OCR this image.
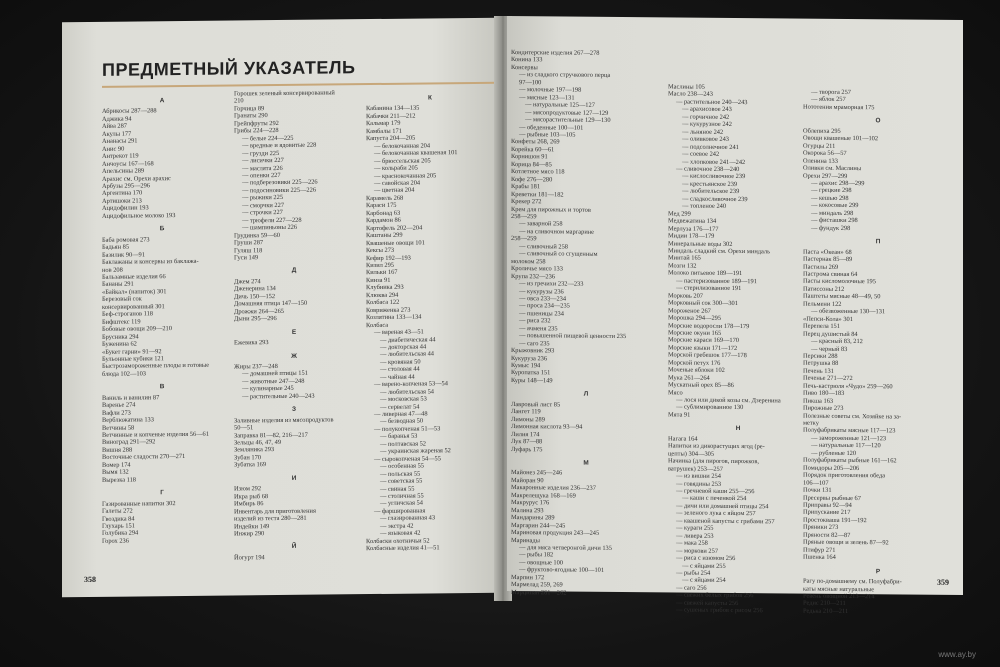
ПРЕДМЕТНЫЙ УКАЗАТЕЛЬ
А
Абрикосы 287—288
Аджика 94
Айва 287
Акулы 177
Ананасы 291
Анис 90
Антрекот 119
Анчоусы 167—168
Апельсины 289
Арахис см. Орехи арахис
Арбузы 295—296
Аргентина 170
Артишоки 213
Ацидофилин 193
Ацидофильное молоко 193
Б
Баба ромовая 273
Бадьян 85
Базилик 90—91
Баклажаны и консервы из баклажа-
нов 208
Бальзамные изделия 66
Бананы 291
«Байкал» (напиток) 301
Березовый сок
консервированный 301
Беф-строганов 118
Бифштекс 119
Бобовые овощи 209—210
Брусника 294
Буженина 62
«Букет гарни» 91—92
Бульонные кубики 121
Быстрозамороженные плоды и готовые
блюда 102—103
В
Ваниль и ванилин 87
Варенье 274
Вафли 273
Верблюжатина 133
Ветчины 58
Ветчинные и копченые изделия 56—61
Виноград 291—292
Вишня 288
Восточные сладости 270—271
Вомер 174
Вымя 132
Вырезка 118
Г
Газированные напитки 302
Галеты 272
Гвоздика 84
Глухарь 151
Голубика 294
Горох 236
Горошек зеленый консервированный
210
Горчица 89
Гранаты 290
Грейпфруты 292
Грибы 224—228
— белые 224—225
— вредные и ядовитые 228
— грузди 225
— лисички 227
— маслята 226
— опенки 227
— подберезовики 225—226
— подосиновики 225—226
— рыжики 225
— сморчки 227
— строчки 227
— трюфели 227—228
— шампиньоны 226
Грудинка 59—60
Груши 287
Гуляш 118
Гуси 149
Д
Джем 274
Дженерина 134
Дичь 150—152
Домашняя птица 147—150
Дрожжи 264—265
Дыни 295—296
Е
Ежевика 293
Ж
Жиры 237—248
— домашней птицы 151
— животные 247—248
— кулинарные 245
— растительные 240—243
З
Заливные изделия из мясопродуктов
50—51
Заправка 81—82, 216—217
Зельцы 46, 47, 49
Земляника 293
Зубан 170
Зубатка 169
И
Изюм 292
Икра рыб 68
Имбирь 86
Инвентарь для приготовления
изделий из теста 280—281
Индейки 149
Инжир 290
Й
Йогурт 194
К
Кабанина 134—135
Кабачки 211—212
Кальмар 179
Камбалы 171
Капуста 204—205
— белокочанная 204
— белокочанная квашеная 101
— брюссельская 205
— кольраби 205
— краснокочанная 205
— савойская 204
— цветная 204
Карамель 268
Караси 175
Карбонад 63
Кардамон 86
Картофель 202—204
Каштаны 299
Квашеные овощи 101
Кексы 273
Кефир 192—193
Кизил 295
Кильки 167
Кинза 91
Клубника 293
Клюква 294
Колбаса 122
Ковриженка 273
Козлятина 133—134
Колбаса
— вареная 43—51
— диабетическая 44
— докторская 44
— любительская 44
— кровяная 50
— столовая 44
— чайная 44
— варено-копченая 53—54
— любительская 54
— московская 53
— сервелат 54
— ливерная 47—48
— безводная 50
— полукопченая 51—53
— баранья 53
— полтавская 52
— украинская жареная 52
— сырокопченая 54—55
— особенная 55
— польская 55
— советская 55
— свиная 55
— столичная 55
— угличская 54
— фаршированная
— глазированная 43
— экстра 42
— языковая 42
Колбаски охотничьи 52
Колбасные изделия 41—51
358
Кондитерские изделия 267—278
Конина 133
Консервы
— из сладкого стручкового перца
97—100
— молочные 197—198
— мясные 123—131
— натуральные 125—127
— мясопродуктовые 127—129
— мясорастительные 129—130
— обеденные 100—101
— рыбные 103—105
Конфеты 268, 269
Корейка 60—61
Корнишон 91
Корица 84—85
Котлетное мясо 118
Кофе 276—280
Крабы 181
Креветки 181—182
Крекер 272
Крем для пирожных и тортов
258—259
— заварной 258
— на сливочном маргарине
258—259
— сливочный 258
— сливочный со сгущенным
молоком 258
Кроличье мясо 133
Крупа 232—236
— из гречихи 232—233
— кукурузы 236
— овса 233—234
— проса 234—235
— пшеницы 234
— риса 232
— ячменя 235
— повышенной пищевой ценности 235
— саго 235
Крыжовник 293
Кукуруза 236
Кумыс 194
Куропатка 151
Куры 148—149
Л
Лавровый лист 85
Лангет 119
Лимоны 289
Лимонная кислота 93—94
Лилия 174
Лук 87—88
Луфарь 175
М
Майонез 245—246
Майоран 90
Макаронные изделия 236—237
Макрелещука 168—169
Макрурус 176
Малина 293
Мандарины 289
Маргарин 244—245
Мариновая продукция 243—245
Маринады
— для мяса четверонгой дичи 135
— рыбы 182
— овощные 100
— фруктово-ягодные 100—101
Марпин 172
Мармелад 259, 269
Марципан 261—262
Маслины 105
Масло 238—243
— растительное 240—243
— арахисовое 243
— горчичное 242
— кукурузное 242
— льняное 242
— оливковое 243
— подсолнечное 241
— соевое 242
— хлопковое 241—242
— сливочное 238—240
— кислосливочное 239
— крестьянское 239
— любительское 239
— сладкосливочное 239
— топленое 240
Мед 299
Медвежатина 134
Мерлуза 176—177
Мидии 178—179
Минеральные воды 302
Миндаль сладкий см. Орехи миндаль
Минтай 165
Мозги 132
Молоко питьевое 189—191
— пастеризованное 189—191
— стерилизованное 191
Морковь 207
Морковный сок 300—301
Мороженое 267
Морошка 294—295
Морские водоросли 178—179
Морские окуни 165
Морские караси 169—170
Морские языки 171—172
Морской гребешок 177—178
Морской петух 176
Моченые яблоки 102
Мука 261—264
Мускатный орех 85—86
Мясо
— лося или дикой козы см. Дзеренина
— сублимированное 130
Мята 91
Н
Нагага 164
Напитки из дикорастущих ягод (ре-
цепты) 304—305
Начинка (для пирогов, пирожков,
ватрушек) 253—257
— из вишни 254
— говядины 253
— гречневой каши 255—256
— каши с печенкой 254
— дичи или домашней птицы 254
— зеленого лука с яйцом 257
— квашеной капусты с грибами 257
— кураги 255
— ливера 253
— мака 258
— моркови 257
— риса с изюмом 256
— с яйцами 255
— рыбы 254
— с яйцами 254
— саго 256
— свежих белых грибов 256
— свежей капусты 256
— сушеных грибов с рисом 256
— творога 257
— яблок 257
Нототения мраморная 175
О
Облепиха 295
Овощи квашеные 101—102
Огурцы 211
Окорока 56—57
Оленина 133
Оливки см. Маслины
Орехи 297—299
— арахис 298—299
— грецкие 298
— кешью 298
— кокосовые 299
— миндаль 298
— фисташки 298
— фундук 298
П
Паста «Океан» 68
Пастернак 85—89
Пастилы 269
Пастрома свиная 64
Пасты кисломолочные 195
Патиссоны 212
Паштеты мясные 48—49, 50
Пельмени 122
— обезвоженные 130—131
«Пепси-Кола» 301
Перепела 151
Перец душистый 84
— красный 83, 212
— черный 83
Персики 288
Петрушка 88
Печень 131
Печенье 271—272
Печь-кастрюля «Чудо» 259—260
Пиво 180—183
Пикша 163
Пирожные 273
Полезные советы см. Хозяйке на за-
метку
Полуфабрикаты мясные 117—123
— замороженные 121—123
— натуральные 117—120
— рубленые 120
Полуфабрикаты рыбные 161—162
Помидоры 205—206
Порядок приготовления обеда
106—107
Почки 131
Пресервы рыбные 67
Приправы 92—94
Припускание 217
Простокваша 191—192
Пряники 273
Пряности 82—87
Пряные овощи и зелень 87—92
Птифур 271
Пшенка 164
Р
Рагу по-домашнему см. Полуфабри-
каты мясные натуральные
Ревень овощной 213—214
Редис 210—211
Редька 210—211
359
www.ay.by
